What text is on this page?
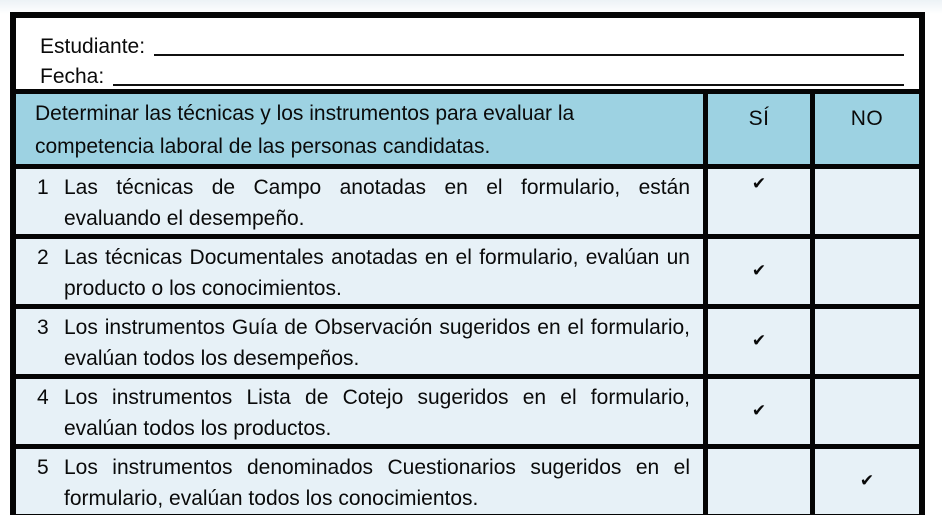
Estudiante:
Fecha:
Determinar las técnicas y los instrumentos para evaluar la competencia laboral de las personas candidatas.
SÍ	NO
1 Las técnicas de Campo anotadas en el formulario, están evaluando el desempeño.
✔
2 Las técnicas Documentales anotadas en el formulario, evalúan un producto o los conocimientos.
✔
3 Los instrumentos Guía de Observación sugeridos en el formulario, evalúan todos los desempeños.
✔
4 Los instrumentos Lista de Cotejo sugeridos en el formulario, evalúan todos los productos.
✔
5 Los instrumentos denominados Cuestionarios sugeridos en el formulario, evalúan todos los conocimientos.
✔
